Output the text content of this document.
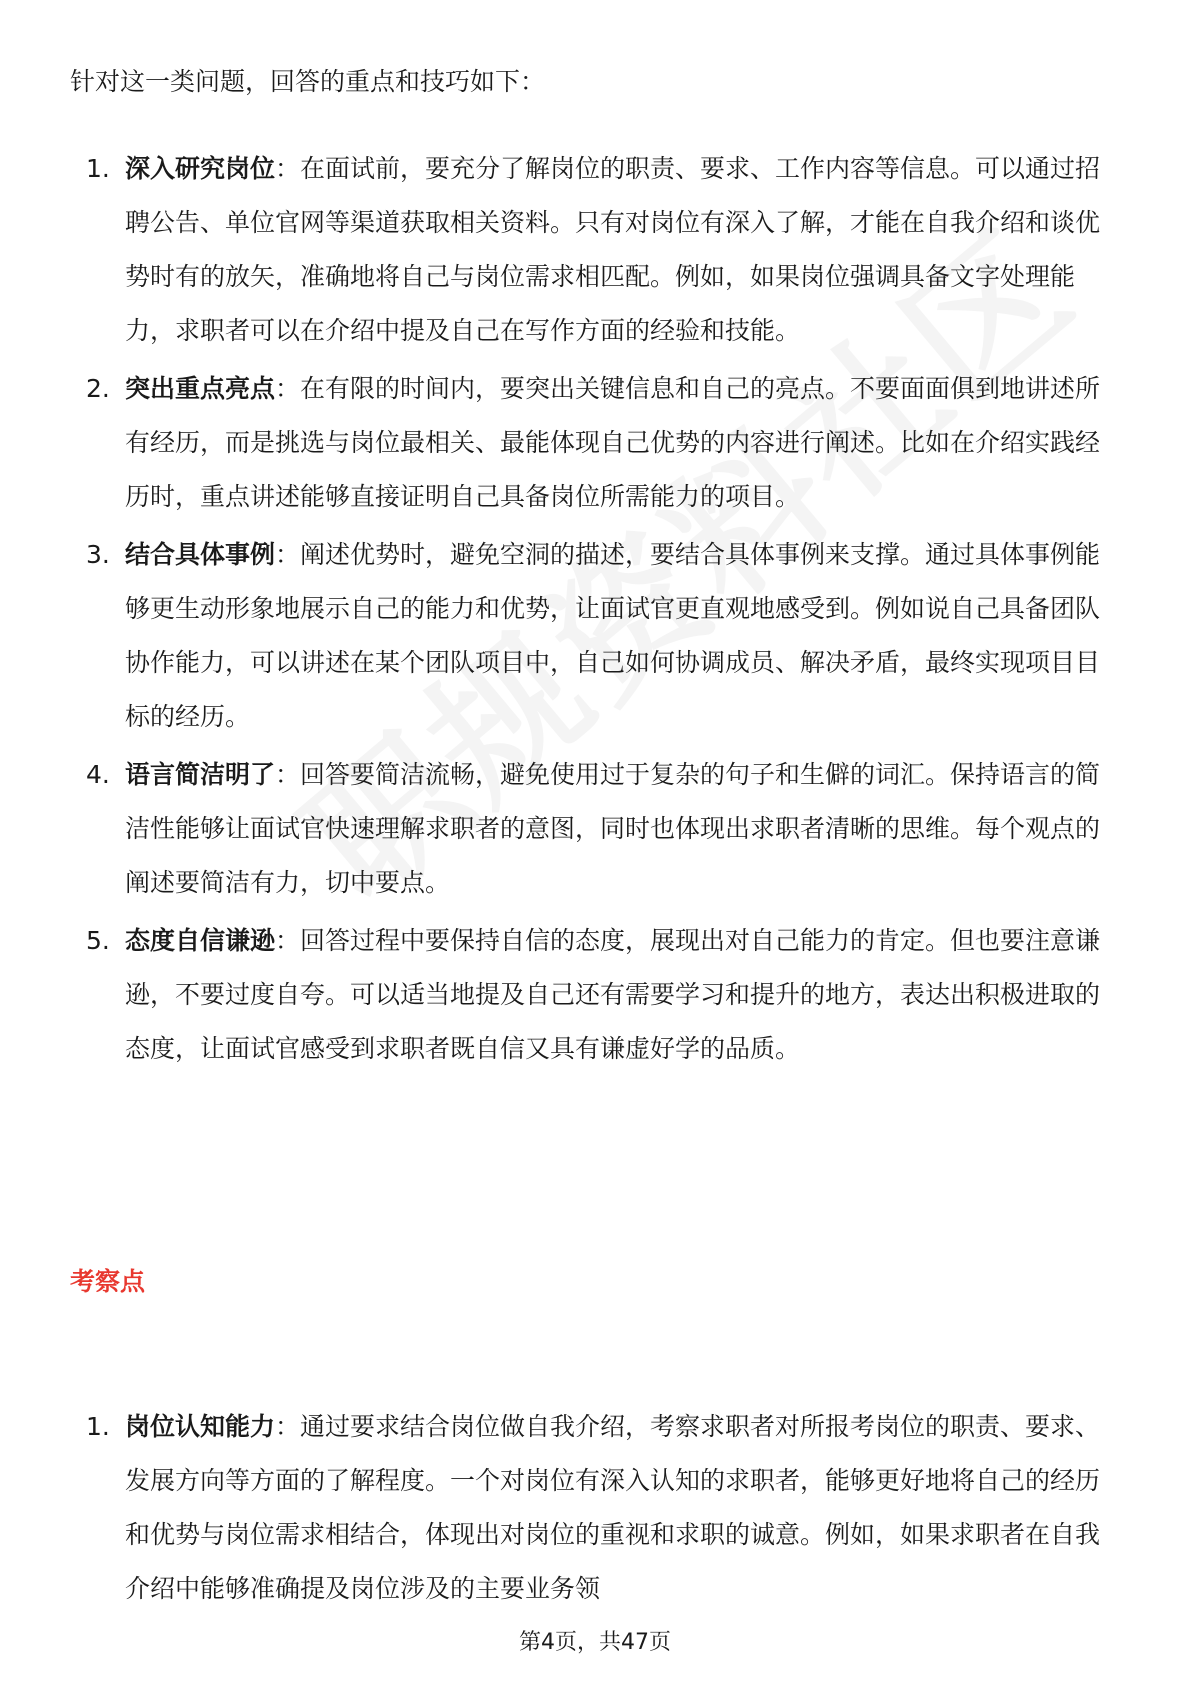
针对这一类问题，回答的重点和技巧如下：
1. 深入研究岗位：在面试前，要充分了解岗位的职责、要求、工作内容等信息。可以通过招聘公告、单位官网等渠道获取相关资料。只有对岗位有深入了解，才能在自我介绍和谈优势时有的放矢，准确地将自己与岗位需求相匹配。例如，如果岗位强调具备文字处理能力，求职者可以在介绍中提及自己在写作方面的经验和技能。
2. 突出重点亮点：在有限的时间内，要突出关键信息和自己的亮点。不要面面俱到地讲述所有经历，而是挑选与岗位最相关、最能体现自己优势的内容进行阐述。比如在介绍实践经历时，重点讲述能够直接证明自己具备岗位所需能力的项目。
3. 结合具体事例：阐述优势时，避免空洞的描述，要结合具体事例来支撑。通过具体事例能够更生动形象地展示自己的能力和优势，让面试官更直观地感受到。例如说自己具备团队协作能力，可以讲述在某个团队项目中，自己如何协调成员、解决矛盾，最终实现项目目标的经历。
4. 语言简洁明了：回答要简洁流畅，避免使用过于复杂的句子和生僻的词汇。保持语言的简洁性能够让面试官快速理解求职者的意图，同时也体现出求职者清晰的思维。每个观点的阐述要简洁有力，切中要点。
5. 态度自信谦逊：回答过程中要保持自信的态度，展现出对自己能力的肯定。但也要注意谦逊，不要过度自夸。可以适当地提及自己还有需要学习和提升的地方，表达出积极进取的态度，让面试官感受到求职者既自信又具有谦虚好学的品质。
考察点
1. 岗位认知能力：通过要求结合岗位做自我介绍，考察求职者对所报考岗位的职责、要求、发展方向等方面的了解程度。一个对岗位有深入认知的求职者，能够更好地将自己的经历和优势与岗位需求相结合，体现出对岗位的重视和求职的诚意。例如，如果求职者在自我介绍中能够准确提及岗位涉及的主要业务领
第4页，共47页
